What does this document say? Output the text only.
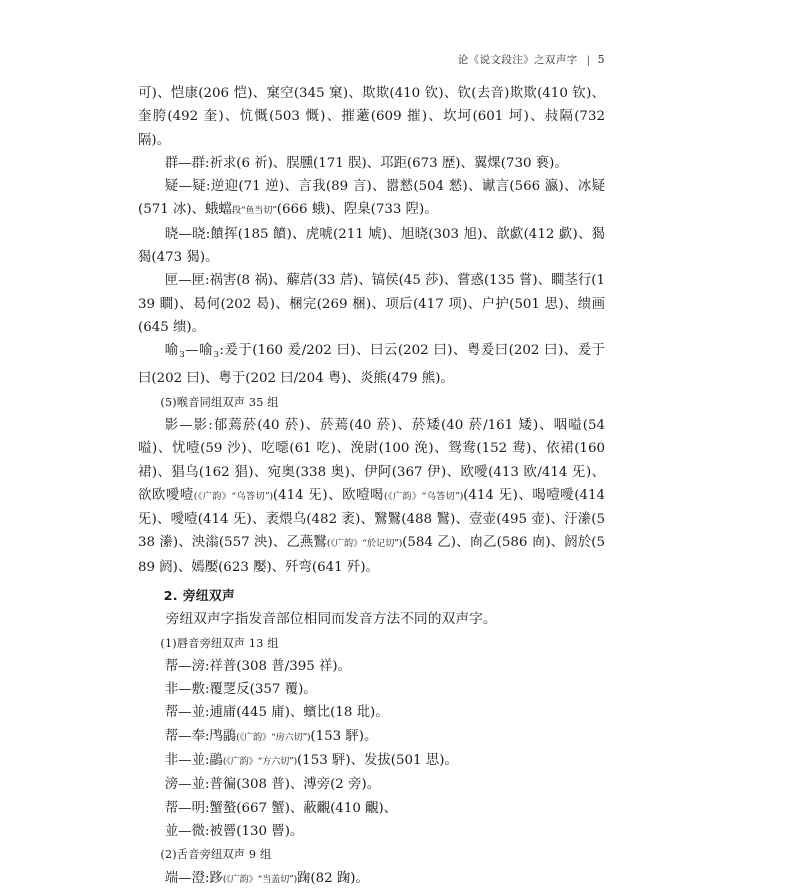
论《说文段注》之双声字 | 5

可)、恺康(206 恺)、窠空(345 窠)、欺欺(410 钦)、钦(去音)欺欺(410 钦)、奎胯(492 奎)、忼慨(503 慨)、摧藗(609 摧)、坎坷(601 坷)、敊隔(732 隔)。

群—群:祈求(6 祈)、脵臐(171 脵)、邛距(673 歴)、翼㷄(730 䙝)。

疑—疑:逆迎(71 逆)、言我(89 言)、嚣憖(504 憖)、谳言(566 瀛)、冰疑(571 冰)、蛾蟷段“鱼当切”(666 蛾)、隉臬(733 隉)。

晓—晓:饙挥(185 饙)、虎唬(211 虓)、旭晓(303 旭)、歆歔(412 歔)、猲猲(473 猲)。

匣—匣:祸害(8 祸)、薢茩(33 茩)、镐侯(45 莎)、嘗惑(135 嘗)、瞷茎行(139 瞷)、曷何(202 曷)、梱完(269 梱)、项后(417 项)、户护(501 思)、缋画(645 缋)。

喻$_3$—喻$_3$:爰于(160 爰/202 曰)、曰云(202 曰)、粤爰曰(202 曰)、爰于曰(202 曰)、粤于(202 曰/204 粤)、炎熊(479 熊)。

(5)喉音同组双声 35 组

影—影:郁蔫菸(40 菸)、菸蔫(40 菸)、菸矮(40 菸/161 矮)、咽嗌(54 嗌)、忧噎(59 沙)、吃噁(61 吃)、浼尉(100 浼)、鸳鸯(152 鸯)、依裙(160 裙)、猖乌(162 猖)、宛奥(338 奥)、伊阿(367 伊)、欧噯(413 欧/414 旡)、欲欧噯噎(《广韵》“乌答切”)(414 旡)、欧噎喝(《广韵》“乌答切”)(414 旡)、喝噎噯(414 旡)、噯噎(414 旡)、袤煨乌(482 袤)、鷖鷖(488 鷖)、壹壶(495 壶)、汙潫(538 潫)、泱滃(557 泱)、乙燕鷖(《广韵》“於记切”)(584 乙)、㕯乙(586 㕯)、阏於(589 阏)、嫣嬮(623 嬮)、歼弯(641 歼)。

2. 旁纽双声

旁纽双声字指发音部位相同而发音方法不同的双声字。

(1)唇音旁纽双声 13 组

帮—滂:祥普(308 普/395 祥)。

非—敷:覆覂反(357 覆)。

帮—並:逋庯(445 庯)、蠙比(18 玭)。

帮—奉:鸤鶝(《广韵》“房六切”)(153 駍)。

非—並:鶝(《广韵》“方六切”)(153 駍)、发拔(501 思)。

滂—並:普徧(308 普)、溥旁(2 旁)。

帮—明:蟹螯(667 蟹)、蔽覼(410 覼)、

並—微:被罾(130 罾)。

(2)舌音旁纽双声 9 组

端—澄:跢(《广韵》“当盖切”)踘(82 踘)。
